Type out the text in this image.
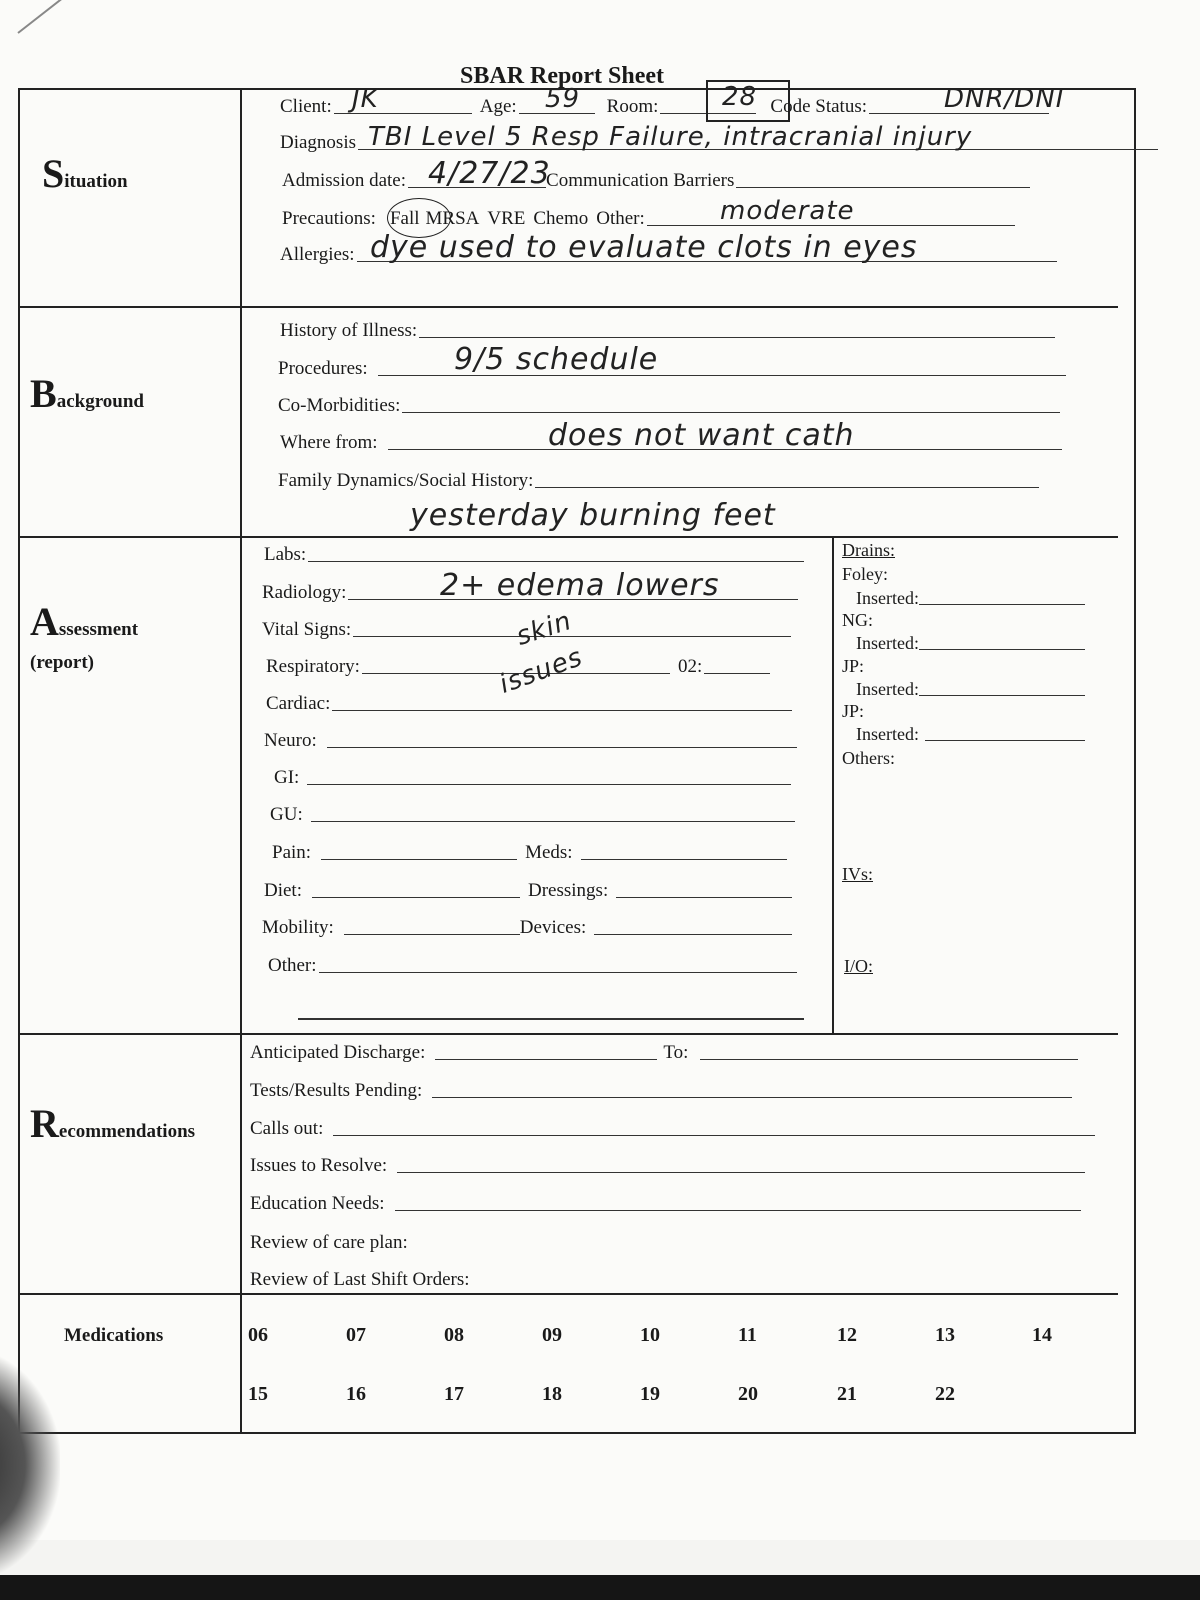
SBAR Report Sheet
Situation
Background
Assessment
(report)
Recommendations
Medications
Client:	Age:	Room:	Code Status:
JK	59	28	DNR/DNI
Diagnosis TBI Level 5 Resp Failure, intracranial injury
Admission date:	Communication Barriers
4/27/23
Precautions: Fall MRSA VRE Chemo Other:	moderate
Allergies: dye used to evaluate clots in eyes
History of Illness:
Procedures:	9/5 schedule
Co-Morbidities:
Where from:	does not want cath
Family Dynamics/Social History:
yesterday burning feet
Labs:
Radiology:	2+ edema lowers
Vital Signs:	skin
Respiratory:	02:
issues
Cardiac:
Neuro:
GI:
GU:
Pain:	Meds:
Diet:	Dressings:
Mobility:	Devices:
Other:
Drains:
Foley:
Inserted:
NG:
Inserted:
JP:
Inserted:
JP:
Inserted:
Others:
IVs:
I/O:
Anticipated Discharge:	To:
Tests/Results Pending:
Calls out:
Issues to Resolve:
Education Needs:
Review of care plan:
Review of Last Shift Orders:
06	07	08	09	10	11	12	13	14
15	16	17	18	19	20	21	22
